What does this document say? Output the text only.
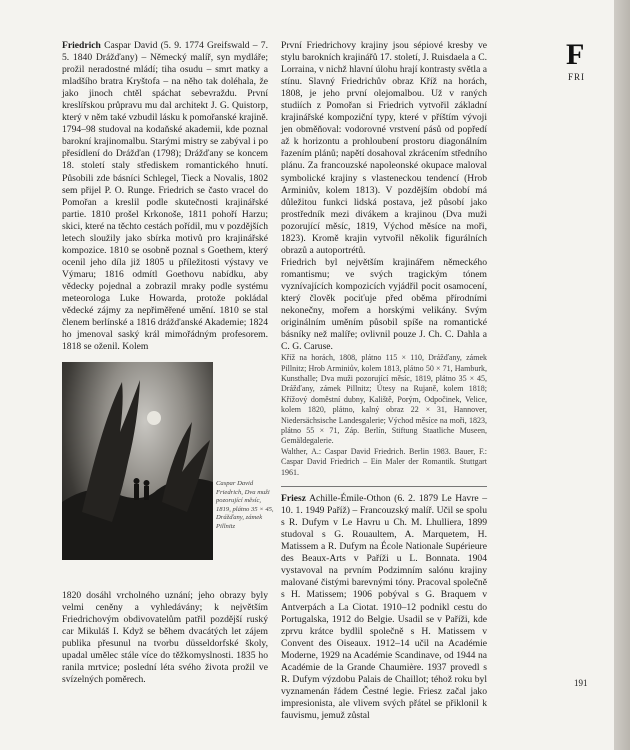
Friedrich Caspar David (5. 9. 1774 Greifswald – 7. 5. 1840 Drážďany) – Německý malíř, syn mydláře; prožil neradostné mládí; tiha osudu – smrt matky a mladšího bratra Kryštofa – na něho tak doléhala, že jako jinoch chtěl spáchat sebevraždu. První kreslířskou průpravu mu dal architekt J. G. Quistorp, který v něm také vzbudil lásku k pomořanské krajině. 1794–98 studoval na kodaňské akademii, kde poznal barokní krajinomalbu. Starými mistry se zabýval i po přesídlení do Drážďan (1798); Drážďany se koncem 18. století staly střediskem romantického hnutí. Působili zde básníci Schlegel, Tieck a Novalis, 1802 sem přijel P. O. Runge. Friedrich se často vracel do Pomořan a kreslil podle skutečnosti krajinářské partie. 1810 prošel Krkonoše, 1811 pohoří Harzu; skici, které na těchto cestách pořídil, mu v pozdějších letech sloužily jako sbírka motivů pro krajinářské kompozice. 1810 se osobně poznal s Goethem, který ocenil jeho díla již 1805 u příležitosti výstavy ve Výmaru; 1816 odmítl Goethovu nabídku, aby vědecky pojednal a zobrazil mraky podle systému meteorologa Luke Howarda, protože pokládal vědecké zájmy za nepřiměřené umění. 1810 se stal členem berlínské a 1816 drážďanské Akademie; 1824 ho jmenoval saský král mimořádným profesorem. 1818 se oženil. Kolem

Caspar David Friedrich, Dva muži pozorující měsíc, 1819, plátno 35 × 45, Drážďany, zámek Pillnitz

1820 dosáhl vrcholného uznání; jeho obrazy byly velmi ceněny a vyhledávány; k největším Friedrichovým obdivovatelům patřil pozdější ruský car Mikuláš I. Když se během dvacátých let zájem publika přesunul na tvorbu düsseldorfské školy, upadal umělec stále více do těžkomyslnosti. 1835 ho ranila mrtvice; poslední léta svého života prožil ve svízelných poměrech.

První Friedrichovy krajiny jsou sépiové kresby ve stylu barokních krajinářů 17. století, J. Ruisdaela a C. Lorraina, v nichž hlavní úlohu hrají kontrasty světla a stínu. Slavný Friedrichův obraz Kříž na horách, 1808, je jeho první olejomalbou. Už v raných studiích z Pomořan si Friedrich vytvořil základní krajinářské kompoziční typy, které v příštím vývoji jen obměňoval: vodorovné vrstvení pásů od popředí až k horizontu a prohloubení prostoru diagonálním řazením plánů; napětí dosahoval zkrácením středního plánu. Za francouzské napoleonské okupace maloval symbolické krajiny s vlasteneckou tendencí (Hrob Arminiův, kolem 1813). V pozdějším období má důležitou funkci lidská postava, jež působí jako prostředník mezi divákem a krajinou (Dva muži pozorující měsíc, 1819, Východ měsíce na moři, 1823). Kromě krajin vytvořil několik figurálních obrazů a autoportrétů.

Friedrich byl největším krajinářem německého romantismu; ve svých tragickým tónem vyznívajících kompozicích vyjádřil pocit osamocení, který člověk pociťuje před oběma přírodními nekonečny, mořem a horskými velikány. Svým originálním uměním působil spíše na romantické básníky než malíře; ovlivnil pouze J. Ch. C. Dahla a C. G. Caruse.

Kříž na horách, 1808, plátno 115 × 110, Drážďany, zámek Pillnitz; Hrob Arminiův, kolem 1813, plátno 50 × 71, Hamburk, Kunsthalle; Dva muži pozorující měsíc, 1819, plátno 35 × 45, Drážďany, zámek Pillnitz; Útesy na Rujaně, kolem 1818; Křížový doměstní dubny, Kaliště, Porým, Odpočinek, Velice, kolem 1820, plátno, kalný obraz 22 × 31, Hannover, Niedersächsische Landesgalerie; Východ měsíce na moři, 1823, plátno 55 × 71, Záp. Berlín, Stiftung Staatliche Museen, Gemäldegalerie.

Walther, A.: Caspar David Friedrich. Berlin 1983. Bauer, F.: Caspar David Friedrich – Ein Maler der Romantik. Stuttgart 1961.

Friesz Achille-Émile-Othon (6. 2. 1879 Le Havre – 10. 1. 1949 Paříž) – Francouzský malíř. Učil se spolu s R. Dufym v Le Havru u Ch. M. Lhulliera, 1899 studoval s G. Rouaultem, A. Marquetem, H. Matissem a R. Dufym na École Nationale Supérieure des Beaux-Arts v Paříži u L. Bonnata. 1904 vystavoval na prvním Podzimním salónu krajiny malované čistými barevnými tóny. Pracoval společně s H. Matissem; 1906 pobýval s G. Braquem v Antverpách a La Ciotat. 1910–12 podnikl cestu do Portugalska, 1912 do Belgie. Usadil se v Paříži, kde zprvu krátce bydlil společně s H. Matissem v Convent des Oiseaux. 1912–14 učil na Académie Moderne, 1929 na Académie Scandinave, od 1944 na Académie de la Grande Chaumière. 1937 provedl s R. Dufym výzdobu Palais de Chaillot; téhož roku byl vyznamenán řádem Čestné legie. Friesz začal jako impresionista, ale vlivem svých přátel se přiklonil k fauvismu, jemuž zůstal

F
FRI
191
